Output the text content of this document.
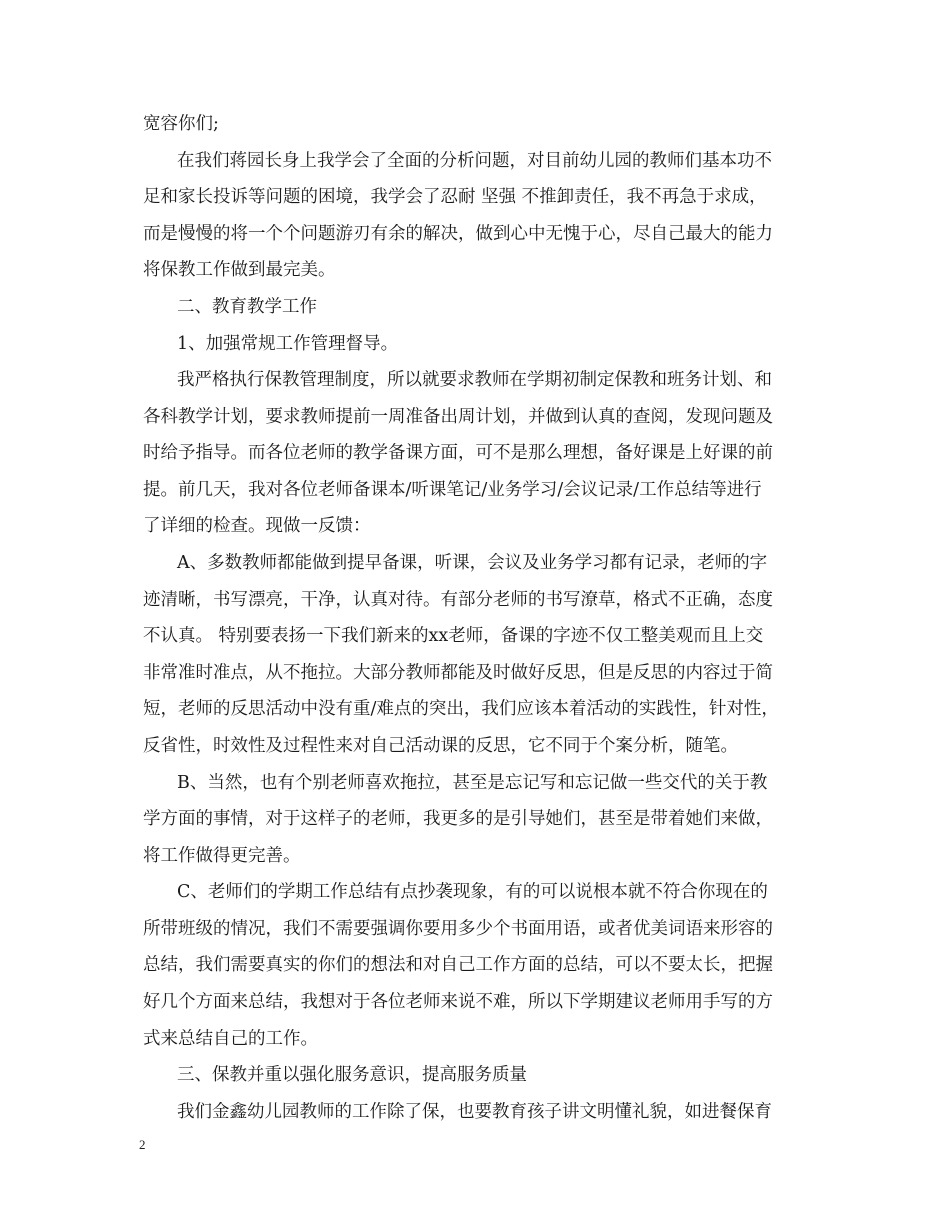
宽容你们;
在我们蒋园长身上我学会了全面的分析问题，对目前幼儿园的教师们基本功不
足和家长投诉等问题的困境，我学会了忍耐 坚强 不推卸责任，我不再急于求成，
而是慢慢的将一个个问题游刃有余的解决，做到心中无愧于心，尽自己最大的能力
将保教工作做到最完美。
二、教育教学工作
1、加强常规工作管理督导。
我严格执行保教管理制度，所以就要求教师在学期初制定保教和班务计划、和
各科教学计划，要求教师提前一周准备出周计划，并做到认真的查阅，发现问题及
时给予指导。而各位老师的教学备课方面，可不是那么理想，备好课是上好课的前
提。前几天，我对各位老师备课本/听课笔记/业务学习/会议记录/工作总结等进行
了详细的检查。现做一反馈：
A、多数教师都能做到提早备课，听课，会议及业务学习都有记录，老师的字
迹清晰，书写漂亮，干净，认真对待。有部分老师的书写潦草，格式不正确，态度
不认真。 特别要表扬一下我们新来的xx老师，备课的字迹不仅工整美观而且上交
非常准时准点，从不拖拉。大部分教师都能及时做好反思，但是反思的内容过于简
短，老师的反思活动中没有重/难点的突出，我们应该本着活动的实践性，针对性，
反省性，时效性及过程性来对自己活动课的反思，它不同于个案分析，随笔。
B、当然，也有个别老师喜欢拖拉，甚至是忘记写和忘记做一些交代的关于教
学方面的事情，对于这样子的老师，我更多的是引导她们，甚至是带着她们来做，
将工作做得更完善。
C、老师们的学期工作总结有点抄袭现象，有的可以说根本就不符合你现在的
所带班级的情况，我们不需要强调你要用多少个书面用语，或者优美词语来形容的
总结，我们需要真实的你们的想法和对自己工作方面的总结，可以不要太长，把握
好几个方面来总结，我想对于各位老师来说不难，所以下学期建议老师用手写的方
式来总结自己的工作。
三、保教并重以强化服务意识，提高服务质量
我们金鑫幼儿园教师的工作除了保，也要教育孩子讲文明懂礼貌，如进餐保育
2
